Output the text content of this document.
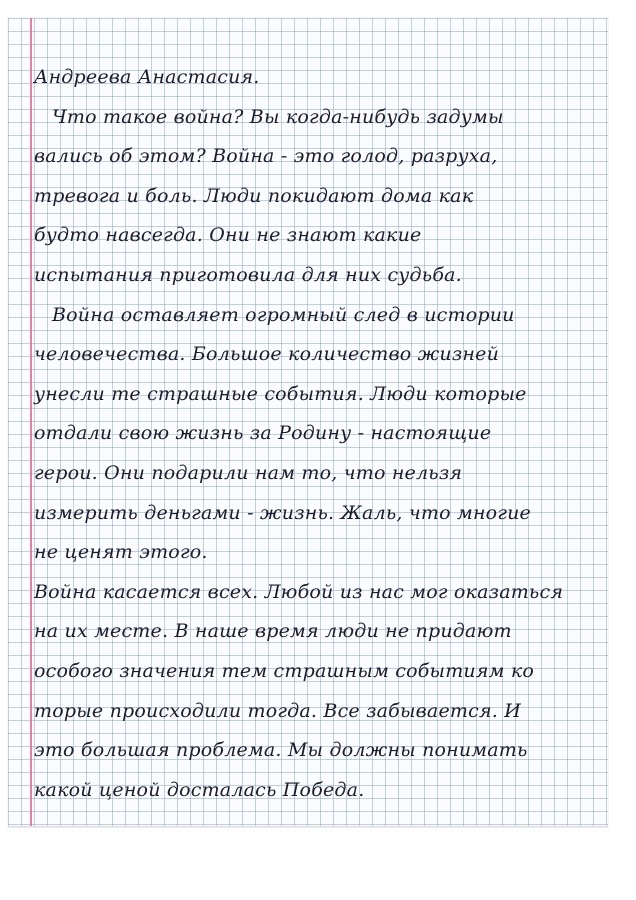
Андреева Анастасия.
Что такое война? Вы когда-нибудь задумы
вались об этом? Война - это голод, разруха,
тревога и боль. Люди покидают дома как
будто навсегда. Они не знают какие
испытания приготовила для них судьба.
Война оставляет огромный след в истории
человечества. Большое количество жизней
унесли те страшные события. Люди которые
отдали свою жизнь за Родину - настоящие
герои. Они подарили нам то, что нельзя
измерить деньгами - жизнь. Жаль, что многие
не ценят этого.
Война касается всех. Любой из нас мог оказаться
на их месте. В наше время люди не придают
особого значения тем страшным событиям ко
торые происходили тогда. Все забывается. И
это большая проблема. Мы должны понимать
какой ценой досталась Победа.
